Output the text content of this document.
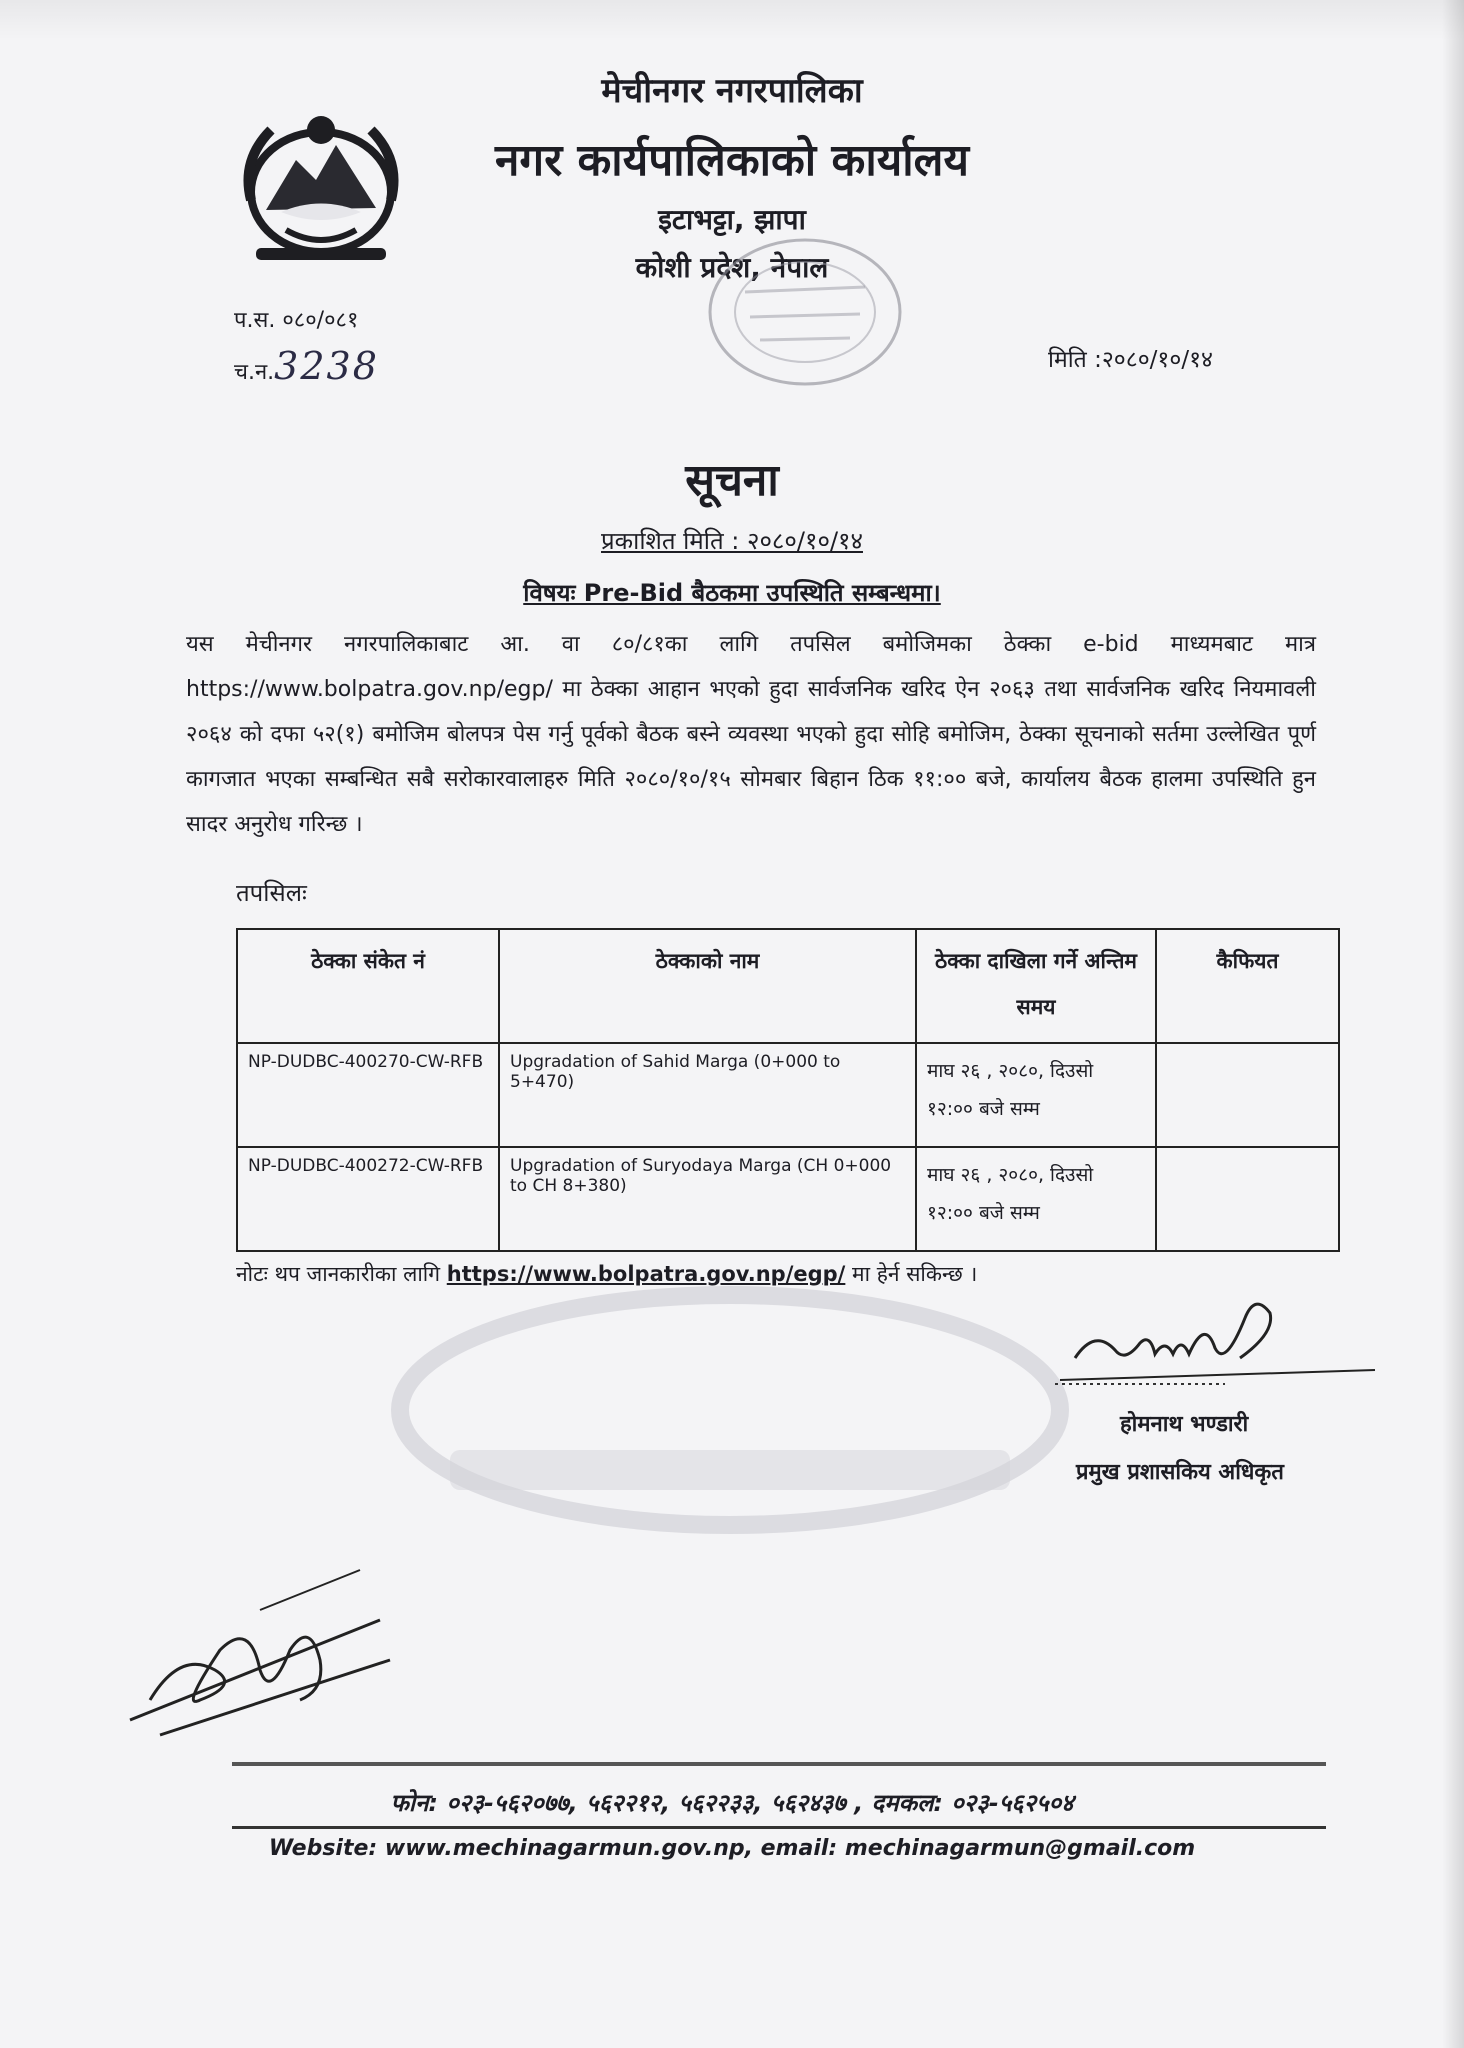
मेचीनगर नगरपालिका
नगर कार्यपालिकाको कार्यालय
इटाभट्टा, झापा
कोशी प्रदेश, नेपाल
प.स. ०८०/०८१
च.न.3238	मिति :२०८०/१०/१४
सूचना
प्रकाशित मिति : २०८०/१०/१४
विषयः Pre-Bid बैठकमा उपस्थिति सम्बन्धमा।
यस मेचीनगर नगरपालिकाबाट आ. वा ८०/८१का लागि तपसिल बमोजिमका ठेक्का e-bid माध्यमबाट मात्र https://www.bolpatra.gov.np/egp/ मा ठेक्का आहान भएको हुदा सार्वजनिक खरिद ऐन २०६३ तथा सार्वजनिक खरिद नियमावली २०६४ को दफा ५२(१) बमोजिम बोलपत्र पेस गर्नु पूर्वको बैठक बस्ने व्यवस्था भएको हुदा सोहि बमोजिम, ठेक्का सूचनाको सर्तमा उल्लेखित पूर्ण कागजात भएका सम्बन्धित सबै सरोकारवालाहरु मिति २०८०/१०/१५ सोमबार बिहान ठिक ११:०० बजे, कार्यालय बैठक हालमा उपस्थिति हुन सादर अनुरोध गरिन्छ ।
तपसिलः
ठेक्का संकेत नं	ठेक्काको नाम	ठेक्का दाखिला गर्ने अन्तिम समय	कैफियत
NP-DUDBC-400270-CW-RFB	Upgradation of Sahid Marga (0+000 to 5+470)	माघ २६ , २०८०, दिउसो
१२:०० बजे सम्म	

NP-DUDBC-400272-CW-RFB	Upgradation of Suryodaya Marga (CH 0+000 to CH 8+380)	माघ २६ , २०८०, दिउसो
१२:०० बजे सम्म	

नोटः थप जानकारीका लागि https://www.bolpatra.gov.np/egp/ मा हेर्न सकिन्छ ।
होमनाथ भण्डारी
प्रमुख प्रशासकिय अधिकृत
फोन: ०२३-५६२०७७, ५६२२१२, ५६२२३३, ५६२४३७ , दमकल: ०२३-५६२५०४
Website: www.mechinagarmun.gov.np, email: mechinagarmun@gmail.com
